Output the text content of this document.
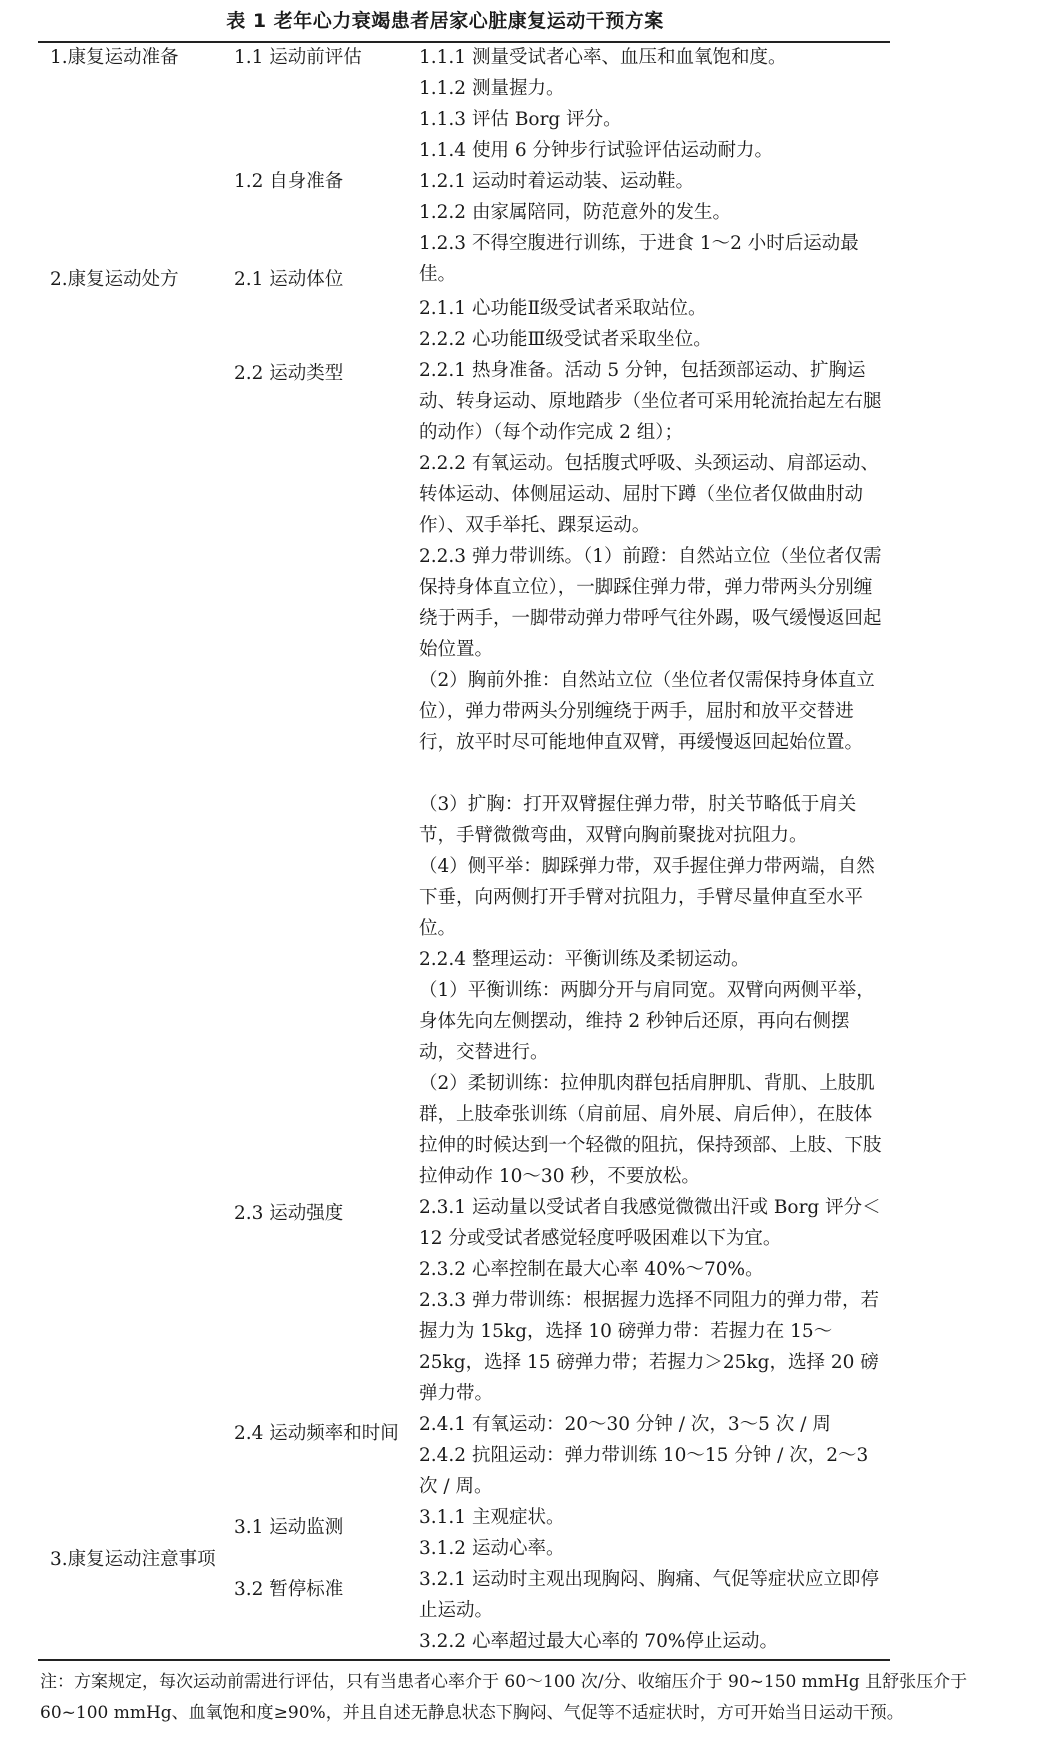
表 1 老年心力衰竭患者居家心脏康复运动干预方案
1.康复运动准备
2.康复运动处方
3.康复运动注意事项
1.1 运动前评估
1.2 自身准备
2.1 运动体位
2.2 运动类型
2.3 运动强度
2.4 运动频率和时间
3.1 运动监测
3.2 暂停标准
1.1.1 测量受试者心率、血压和血氧饱和度。
1.1.2 测量握力。
1.1.3 评估 Borg 评分。
1.1.4 使用 6 分钟步行试验评估运动耐力。
1.2.1 运动时着运动装、运动鞋。
1.2.2 由家属陪同，防范意外的发生。
1.2.3 不得空腹进行训练，于进食 1～2 小时后运动最佳。
2.1.1 心功能Ⅱ级受试者采取站位。
2.2.2 心功能Ⅲ级受试者采取坐位。
2.2.1 热身准备。活动 5 分钟，包括颈部运动、扩胸运动、转身运动、原地踏步（坐位者可采用轮流抬起左右腿的动作）（每个动作完成 2 组）；
2.2.2 有氧运动。包括腹式呼吸、头颈运动、肩部运动、转体运动、体侧屈运动、屈肘下蹲（坐位者仅做曲肘动作）、双手举托、踝泵运动。
2.2.3 弹力带训练。（1）前蹬：自然站立位（坐位者仅需保持身体直立位），一脚踩住弹力带，弹力带两头分别缠绕于两手，一脚带动弹力带呼气往外踢，吸气缓慢返回起始位置。
（2）胸前外推：自然站立位（坐位者仅需保持身体直立位），弹力带两头分别缠绕于两手，屈肘和放平交替进行，放平时尽可能地伸直双臂，再缓慢返回起始位置。
（3）扩胸：打开双臂握住弹力带，肘关节略低于肩关节，手臂微微弯曲，双臂向胸前聚拢对抗阻力。
（4）侧平举：脚踩弹力带，双手握住弹力带两端，自然下垂，向两侧打开手臂对抗阻力，手臂尽量伸直至水平位。
2.2.4 整理运动：平衡训练及柔韧运动。
（1）平衡训练：两脚分开与肩同宽。双臂向两侧平举，身体先向左侧摆动，维持 2 秒钟后还原，再向右侧摆动，交替进行。
（2）柔韧训练：拉伸肌肉群包括肩胛肌、背肌、上肢肌群，上肢牵张训练（肩前屈、肩外展、肩后伸），在肢体拉伸的时候达到一个轻微的阻抗，保持颈部、上肢、下肢拉伸动作 10～30 秒，不要放松。
2.3.1 运动量以受试者自我感觉微微出汗或 Borg 评分＜12 分或受试者感觉轻度呼吸困难以下为宜。
2.3.2 心率控制在最大心率 40%～70%。
2.3.3 弹力带训练：根据握力选择不同阻力的弹力带，若握力为 15kg，选择 10 磅弹力带：若握力在 15～25kg，选择 15 磅弹力带；若握力＞25kg，选择 20 磅弹力带。
2.4.1 有氧运动：20～30 分钟 / 次，3～5 次 / 周
2.4.2 抗阻运动：弹力带训练 10～15 分钟 / 次，2～3 次 / 周。
3.1.1 主观症状。
3.1.2 运动心率。
3.2.1 运动时主观出现胸闷、胸痛、气促等症状应立即停止运动。
3.2.2 心率超过最大心率的 70%停止运动。
注：方案规定，每次运动前需进行评估，只有当患者心率介于 60～100 次/分、收缩压介于 90~150 mmHg 且舒张压介于 60~100 mmHg、血氧饱和度≥90%，并且自述无静息状态下胸闷、气促等不适症状时，方可开始当日运动干预。
